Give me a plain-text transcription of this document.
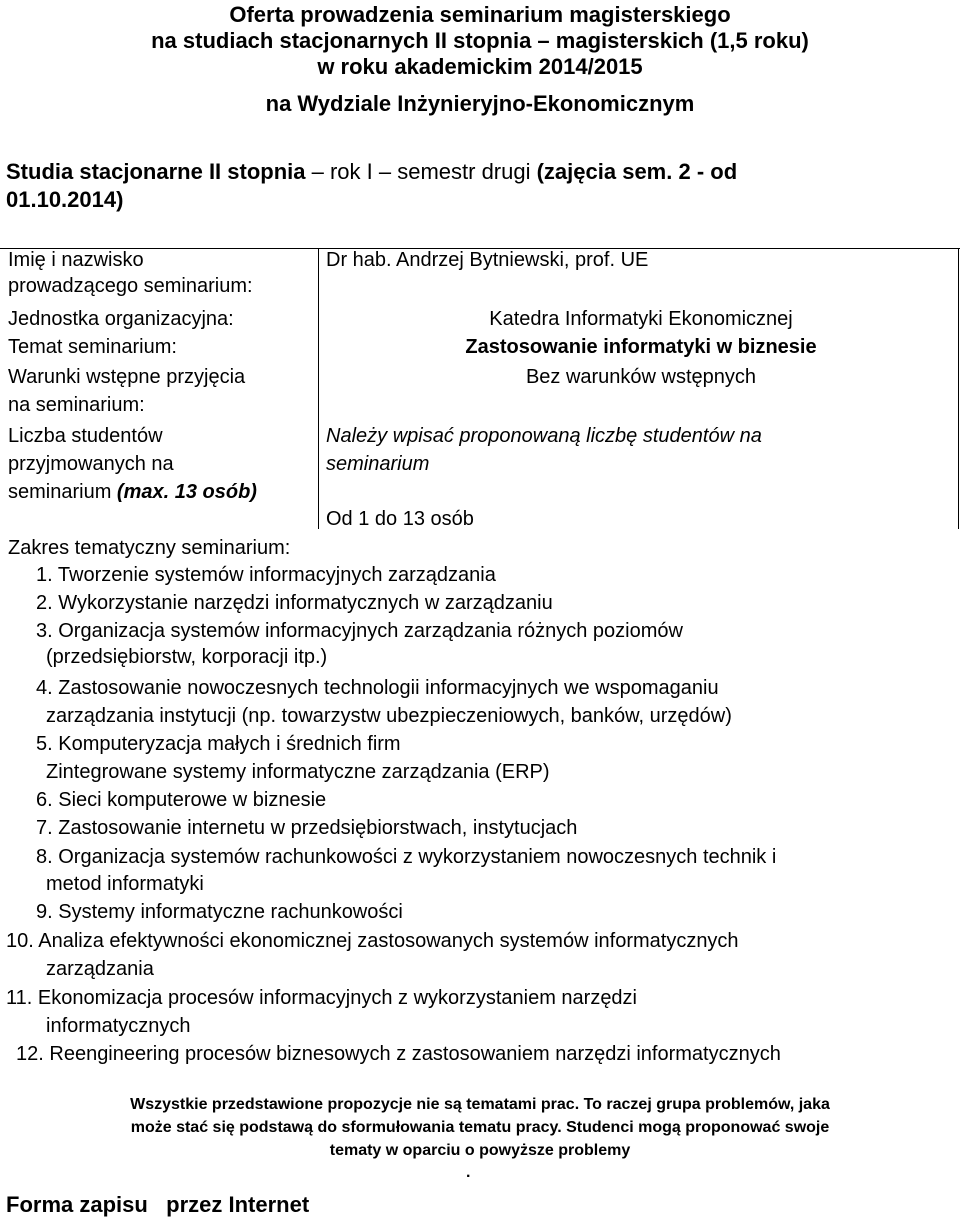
Oferta prowadzenia seminarium magisterskiego
na studiach stacjonarnych II stopnia – magisterskich (1,5 roku)
w roku akademickim 2014/2015
na Wydziale Inżynieryjno-Ekonomicznym
Studia stacjonarne II stopnia – rok I – semestr drugi (zajęcia sem. 2 - od
01.10.2014)
Imię i nazwisko
prowadzącego seminarium:
Jednostka organizacyjna:
Temat seminarium:
Warunki wstępne przyjęcia
na seminarium:
Liczba studentów
przyjmowanych na
seminarium (max. 13 osób)
Dr hab. Andrzej Bytniewski, prof. UE
Katedra Informatyki Ekonomicznej
Zastosowanie informatyki w biznesie
Bez warunków wstępnych
Należy wpisać proponowaną liczbę studentów na
seminarium
Od 1 do 13 osób
Zakres tematyczny seminarium:
1. Tworzenie systemów informacyjnych zarządzania
2. Wykorzystanie narzędzi informatycznych w zarządzaniu
3. Organizacja systemów informacyjnych zarządzania różnych poziomów
(przedsiębiorstw, korporacji itp.)
4. Zastosowanie nowoczesnych technologii informacyjnych we wspomaganiu
zarządzania instytucji (np. towarzystw ubezpieczeniowych, banków, urzędów)
5. Komputeryzacja małych i średnich firm
Zintegrowane systemy informatyczne zarządzania (ERP)
6. Sieci komputerowe w biznesie
7. Zastosowanie internetu w przedsiębiorstwach, instytucjach
8. Organizacja systemów rachunkowości z wykorzystaniem nowoczesnych technik i
metod informatyki
9. Systemy informatyczne rachunkowości
10. Analiza efektywności ekonomicznej zastosowanych systemów informatycznych
zarządzania
11. Ekonomizacja procesów informacyjnych z wykorzystaniem narzędzi
informatycznych
12. Reengineering procesów biznesowych z zastosowaniem narzędzi informatycznych
Wszystkie przedstawione propozycje nie są tematami prac. To raczej grupa problemów, jaka
może stać się podstawą do sformułowania tematu pracy. Studenci mogą proponować swoje
tematy w oparciu o powyższe problemy
.
Forma zapisu przez Internet
